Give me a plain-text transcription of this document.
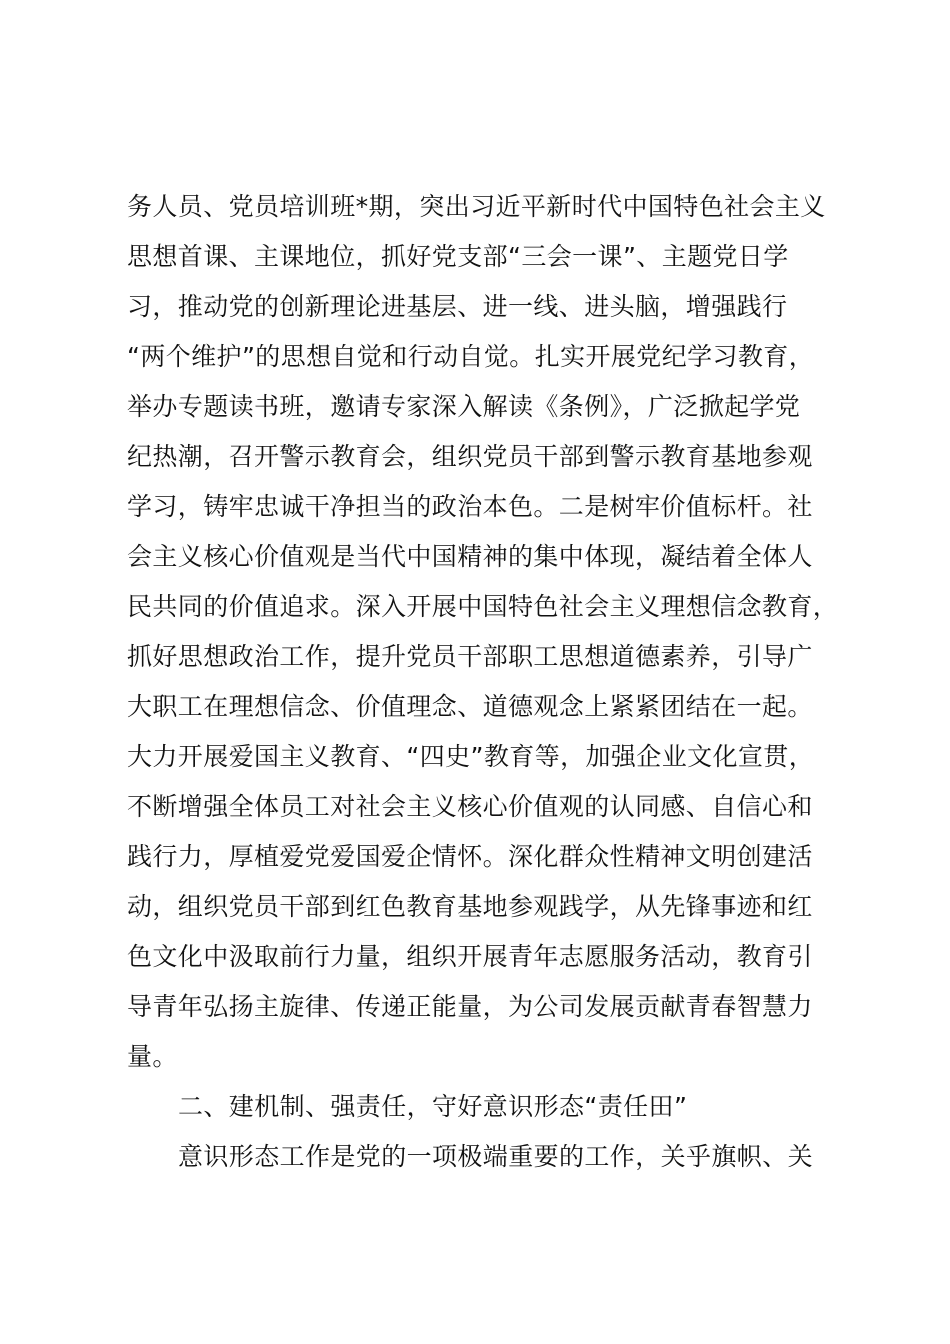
务人员、党员培训班*期，突出习近平新时代中国特色社会主义
思想首课、主课地位，抓好党支部“三会一课”、主题党日学
习，推动党的创新理论进基层、进一线、进头脑，增强践行
“两个维护”的思想自觉和行动自觉。扎实开展党纪学习教育，
举办专题读书班，邀请专家深入解读《条例》，广泛掀起学党
纪热潮，召开警示教育会，组织党员干部到警示教育基地参观
学习，铸牢忠诚干净担当的政治本色。二是树牢价值标杆。社
会主义核心价值观是当代中国精神的集中体现，凝结着全体人
民共同的价值追求。深入开展中国特色社会主义理想信念教育，
抓好思想政治工作，提升党员干部职工思想道德素养，引导广
大职工在理想信念、价值理念、道德观念上紧紧团结在一起。
大力开展爱国主义教育、“四史”教育等，加强企业文化宣贯，
不断增强全体员工对社会主义核心价值观的认同感、自信心和
践行力，厚植爱党爱国爱企情怀。深化群众性精神文明创建活
动，组织党员干部到红色教育基地参观践学，从先锋事迹和红
色文化中汲取前行力量，组织开展青年志愿服务活动，教育引
导青年弘扬主旋律、传递正能量，为公司发展贡献青春智慧力
量。
二、建机制、强责任，守好意识形态“责任田”
意识形态工作是党的一项极端重要的工作，关乎旗帜、关
